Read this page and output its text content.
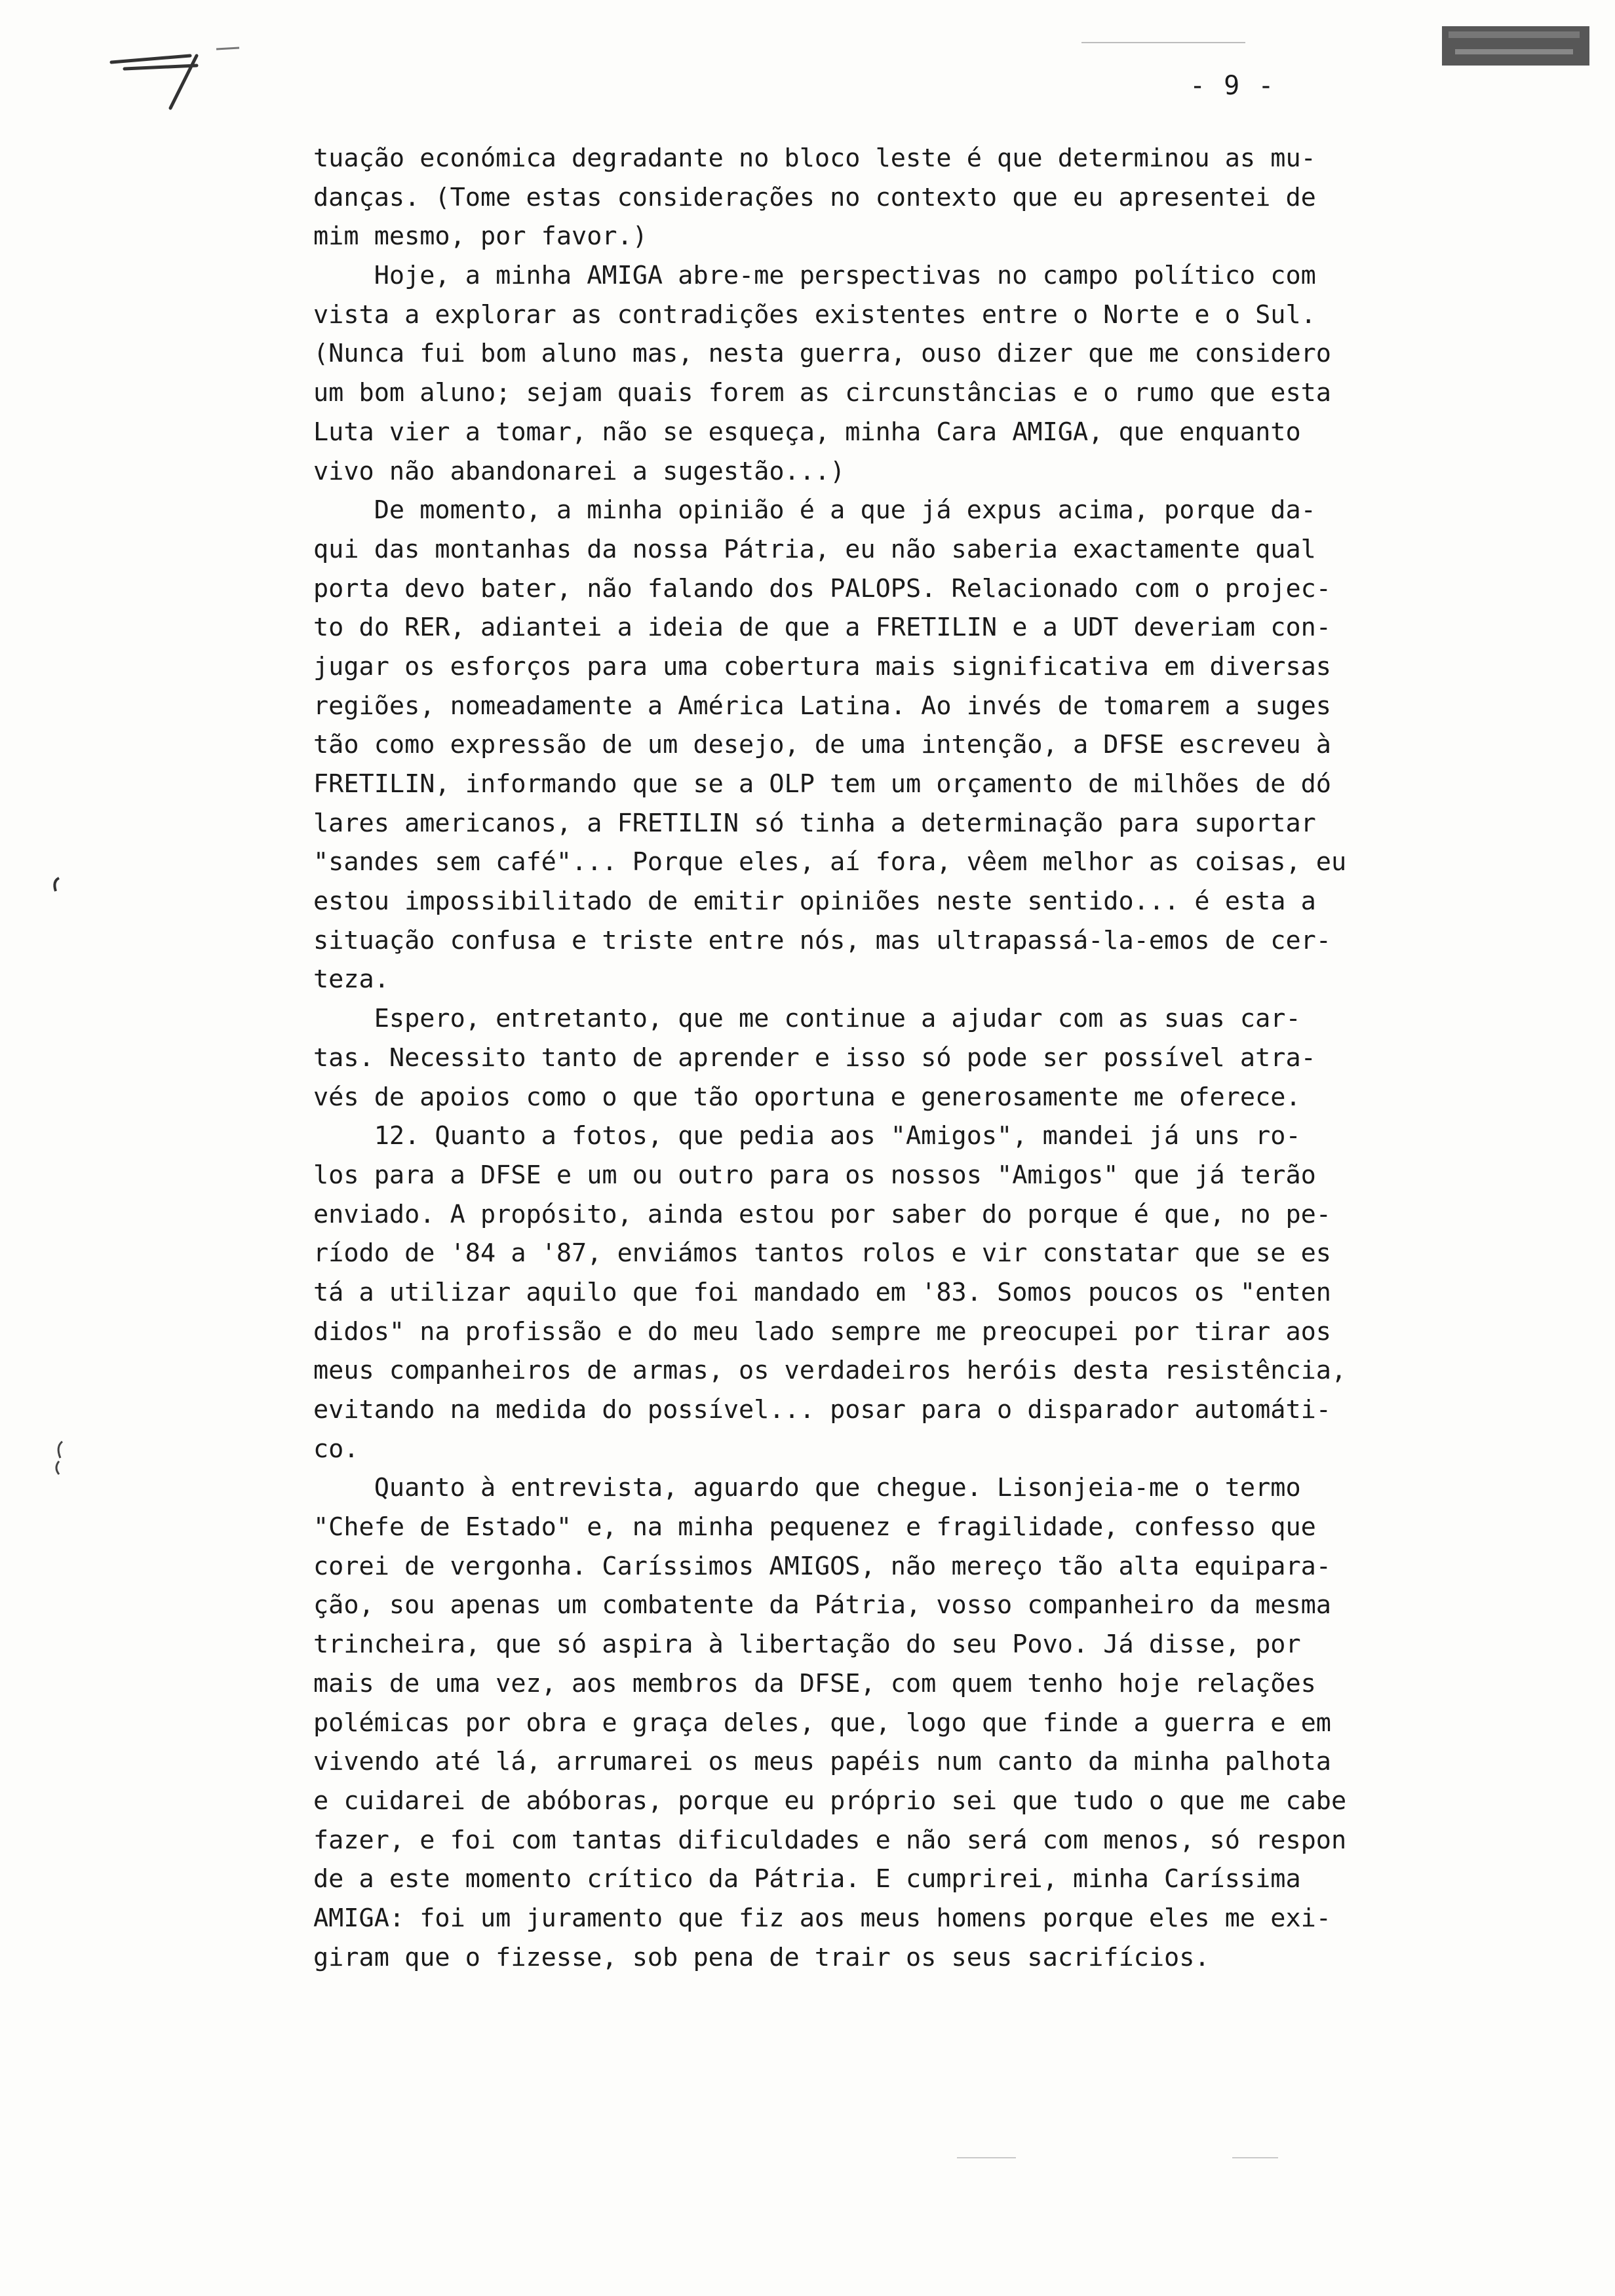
- 9 -
tuação económica degradante no bloco leste é que determinou as mu-
danças. (Tome estas considerações no contexto que eu apresentei de
mim mesmo, por favor.)
Hoje, a minha AMIGA abre-me perspectivas no campo político com
vista a explorar as contradições existentes entre o Norte e o Sul.
(Nunca fui bom aluno mas, nesta guerra, ouso dizer que me considero
um bom aluno; sejam quais forem as circunstâncias e o rumo que esta
Luta vier a tomar, não se esqueça, minha Cara AMIGA, que enquanto
vivo não abandonarei a sugestão...)
De momento, a minha opinião é a que já expus acima, porque da-
qui das montanhas da nossa Pátria, eu não saberia exactamente qual
porta devo bater, não falando dos PALOPS. Relacionado com o projec-
to do RER, adiantei a ideia de que a FRETILIN e a UDT deveriam con-
jugar os esforços para uma cobertura mais significativa em diversas
regiões, nomeadamente a América Latina. Ao invés de tomarem a suges
tão como expressão de um desejo, de uma intenção, a DFSE escreveu à
FRETILIN, informando que se a OLP tem um orçamento de milhões de dó
lares americanos, a FRETILIN só tinha a determinação para suportar
"sandes sem café"... Porque eles, aí fora, vêem melhor as coisas, eu
estou impossibilitado de emitir opiniões neste sentido... é esta a
situação confusa e triste entre nós, mas ultrapassá-la-emos de cer-
teza.
Espero, entretanto, que me continue a ajudar com as suas car-
tas. Necessito tanto de aprender e isso só pode ser possível atra-
vés de apoios como o que tão oportuna e generosamente me oferece.
12. Quanto a fotos, que pedia aos "Amigos", mandei já uns ro-
los para a DFSE e um ou outro para os nossos "Amigos" que já terão
enviado. A propósito, ainda estou por saber do porque é que, no pe-
ríodo de '84 a '87, enviámos tantos rolos e vir constatar que se es
tá a utilizar aquilo que foi mandado em '83. Somos poucos os "enten
didos" na profissão e do meu lado sempre me preocupei por tirar aos
meus companheiros de armas, os verdadeiros heróis desta resistência,
evitando na medida do possível... posar para o disparador automáti-
co.
Quanto à entrevista, aguardo que chegue. Lisonjeia-me o termo
"Chefe de Estado" e, na minha pequenez e fragilidade, confesso que
corei de vergonha. Caríssimos AMIGOS, não mereço tão alta equipara-
ção, sou apenas um combatente da Pátria, vosso companheiro da mesma
trincheira, que só aspira à libertação do seu Povo. Já disse, por
mais de uma vez, aos membros da DFSE, com quem tenho hoje relações
polémicas por obra e graça deles, que, logo que finde a guerra e em
vivendo até lá, arrumarei os meus papéis num canto da minha palhota
e cuidarei de abóboras, porque eu próprio sei que tudo o que me cabe
fazer, e foi com tantas dificuldades e não será com menos, só respon
de a este momento crítico da Pátria. E cumprirei, minha Caríssima
AMIGA: foi um juramento que fiz aos meus homens porque eles me exi-
giram que o fizesse, sob pena de trair os seus sacrifícios.
